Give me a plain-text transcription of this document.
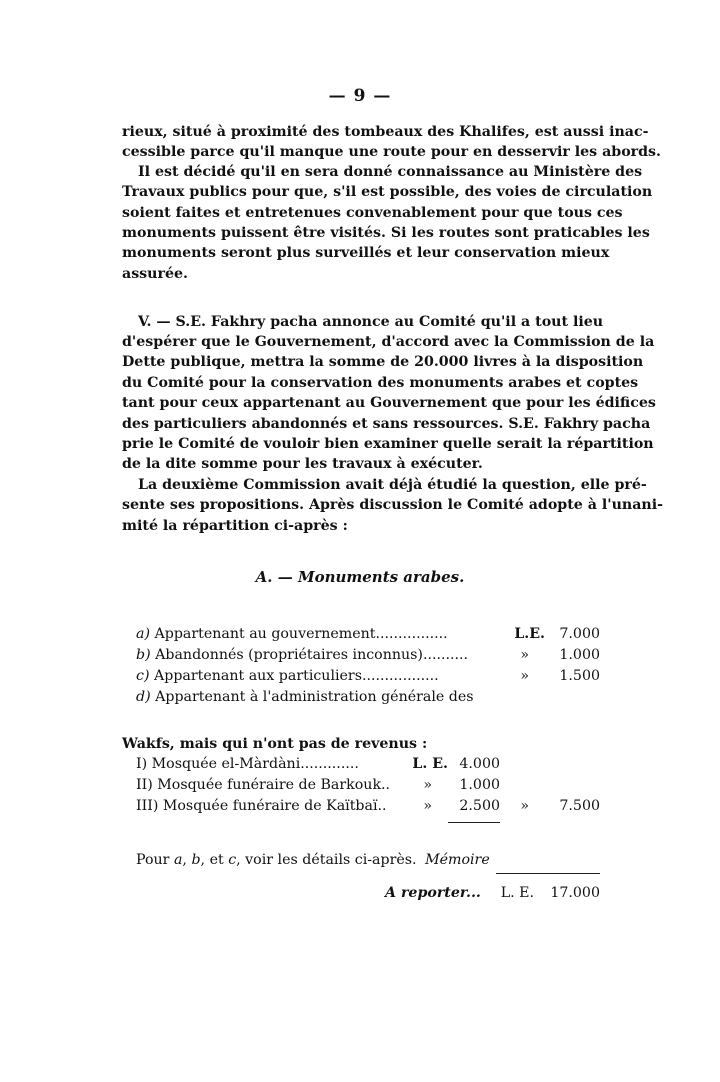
— 9 —
rieux, situé à proximité des tombeaux des Khalifes, est aussi inac-
cessible parce qu'il manque une route pour en desservir les abords.
Il est décidé qu'il en sera donné connaissance au Ministère des
Travaux publics pour que, s'il est possible, des voies de circulation
soient faites et entretenues convenablement pour que tous ces
monuments puissent être visités. Si les routes sont praticables les
monuments seront plus surveillés et leur conservation mieux
assurée.
V. — S.E. Fakhry pacha annonce au Comité qu'il a tout lieu
d'espérer que le Gouvernement, d'accord avec la Commission de la
Dette publique, mettra la somme de 20.000 livres à la disposition
du Comité pour la conservation des monuments arabes et coptes
tant pour ceux appartenant au Gouvernement que pour les édifices
des particuliers abandonnés et sans ressources. S.E. Fakhry pacha
prie le Comité de vouloir bien examiner quelle serait la répartition
de la dite somme pour les travaux à exécuter.
La deuxième Commission avait déjà étudié la question, elle pré-
sente ses propositions. Après discussion le Comité adopte à l'unani-
mité la répartition ci-après :
A. — Monuments arabes.
a) Appartenant au gouvernement................	L.E.	7.000
b) Abandonnés (propriétaires inconnus)..........	»	1.000
c) Appartenant aux particuliers.................	»	1.500
d) Appartenant à l'administration générale des
Wakfs, mais qui n'ont pas de revenus :
I) Mosquée el-Màrdàni.............	L. E. 4.000
II) Mosquée funéraire de Barkouk..	»	1.000
III) Mosquée funéraire de Kaïtbaï..	»	2.500	»	7.500
Pour a, b, et c, voir les détails ci-après. Mémoire
A reporter...	L. E.	17.000
